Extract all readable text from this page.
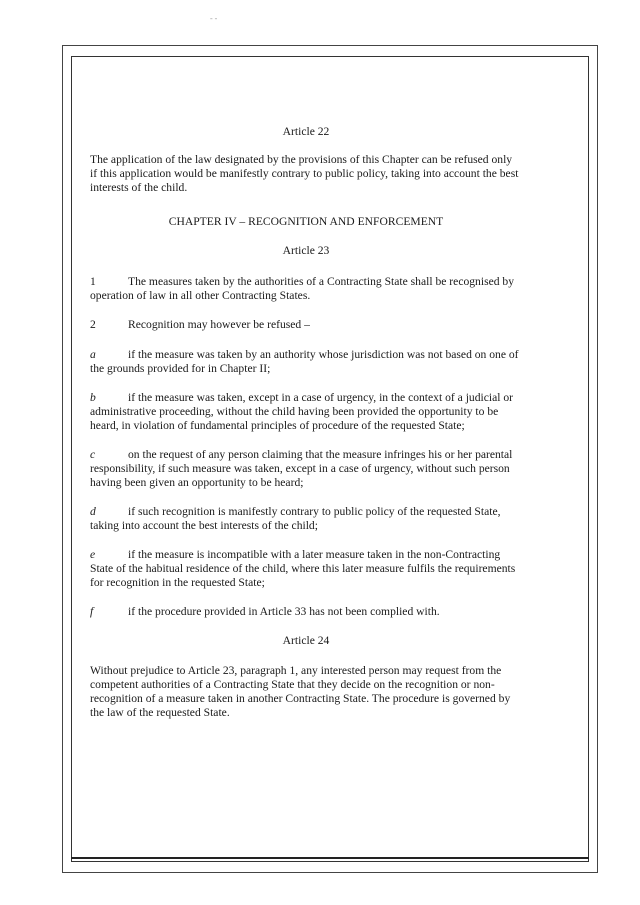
- -

Article 22

The application of the law designated by the provisions of this Chapter can be refused only if this application would be manifestly contrary to public policy, taking into account the best interests of the child.

CHAPTER IV – RECOGNITION AND ENFORCEMENT

Article 23

1	The measures taken by the authorities of a Contracting State shall be recognised by operation of law in all other Contracting States.

2	Recognition may however be refused –

a	if the measure was taken by an authority whose jurisdiction was not based on one of the grounds provided for in Chapter II;

b	if the measure was taken, except in a case of urgency, in the context of a judicial or administrative proceeding, without the child having been provided the opportunity to be heard, in violation of fundamental principles of procedure of the requested State;

c	on the request of any person claiming that the measure infringes his or her parental responsibility, if such measure was taken, except in a case of urgency, without such person having been given an opportunity to be heard;

d	if such recognition is manifestly contrary to public policy of the requested State, taking into account the best interests of the child;

e	if the measure is incompatible with a later measure taken in the non-Contracting State of the habitual residence of the child, where this later measure fulfils the requirements for recognition in the requested State;

f	if the procedure provided in Article 33 has not been complied with.

Article 24

Without prejudice to Article 23, paragraph 1, any interested person may request from the competent authorities of a Contracting State that they decide on the recognition or non-recognition of a measure taken in another Contracting State. The procedure is governed by the law of the requested State.
